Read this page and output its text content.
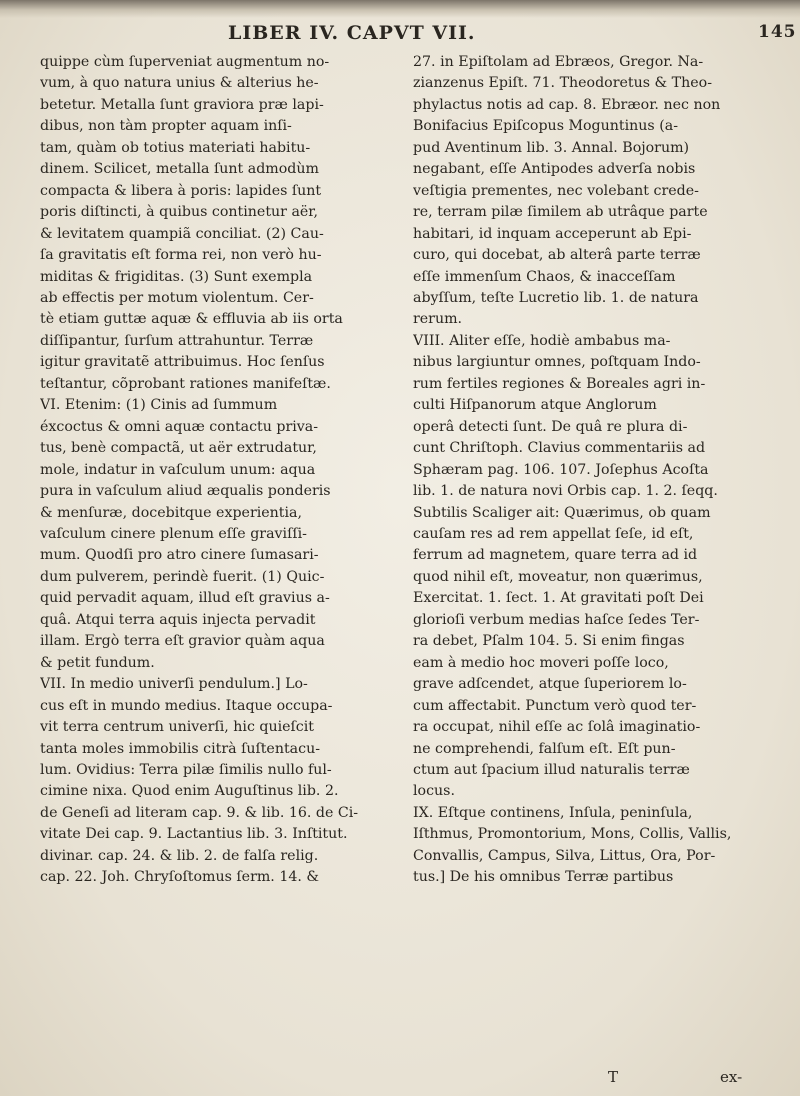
LIBER IV. CAPVT VII.	145
quippe cùm ſuperveniat augmentum no-
vum, à quo natura unius & alterius he-
betetur. Metalla ſunt graviora præ lapi-
dibus, non tàm propter aquam inſi-
tam, quàm ob totius materiati habitu-
dinem. Scilicet, metalla ſunt admodùm
compacta & libera à poris: lapides ſunt
poris diſtincti, à quibus continetur aër,
& levitatem quampiã conciliat. (2) Cau-
ſa gravitatis eſt forma rei, non verò hu-
miditas & frigiditas. (3) Sunt exempla
ab effectis per motum violentum. Cer-
tè etiam guttæ aquæ & effluvia ab iis orta
diſſipantur, ſurſum attrahuntur. Terræ
igitur gravitatẽ attribuimus. Hoc ſenſus
teſtantur, cõprobant rationes manifeſtæ.
VI. Etenim: (1) Cinis ad ſummum
éxcoctus & omni aquæ contactu priva-
tus, benè compactã, ut aër extrudatur,
mole, indatur in vaſculum unum: aqua
pura in vaſculum aliud æqualis ponderis
& menſuræ, docebitque experientia,
vaſculum cinere plenum eſſe graviſſi-
mum. Quodſi pro atro cinere ſumasari-
dum pulverem, perindè fuerit. (1) Quic-
quid pervadit aquam, illud eſt gravius a-
quâ. Atqui terra aquis injecta pervadit
illam. Ergò terra eſt gravior quàm aqua
& petit fundum.
VII. In medio univerſi pendulum.] Lo-
cus eſt in mundo medius. Itaque occupa-
vit terra centrum univerſi, hic quieſcit
tanta moles immobilis citrà ſuſtentacu-
lum. Ovidius: Terra pilæ ſimilis nullo ful-
cimine nixa. Quod enim Auguſtinus lib. 2.
de Geneſi ad literam cap. 9. & lib. 16. de Ci-
vitate Dei cap. 9. Lactantius lib. 3. Inſtitut.
divinar. cap. 24. & lib. 2. de falſa relig.
cap. 22. Joh. Chryſoſtomus ſerm. 14. &
27. in Epiſtolam ad Ebræos, Gregor. Na-
zianzenus Epiſt. 71. Theodoretus & Theo-
phylactus notis ad cap. 8. Ebræor. nec non
Bonifacius Epiſcopus Moguntinus (a-
pud Aventinum lib. 3. Annal. Bojorum)
negabant, eſſe Antipodes adverſa nobis
veſtigia prementes, nec volebant crede-
re, terram pilæ ſimilem ab utrâque parte
habitari, id inquam acceperunt ab Epi-
curo, qui docebat, ab alterâ parte terræ
eſſe immenſum Chaos, & inacceſſam
abyſſum, teſte Lucretio lib. 1. de natura
rerum.
VIII. Aliter eſſe, hodiè ambabus ma-
nibus largiuntur omnes, poſtquam Indo-
rum fertiles regiones & Boreales agri in-
culti Hiſpanorum atque Anglorum
operâ detecti ſunt. De quâ re plura di-
cunt Chriſtoph. Clavius commentariis ad
Sphæram pag. 106. 107. Joſephus Acoſta
lib. 1. de natura novi Orbis cap. 1. 2. ſeqq.
Subtilis Scaliger ait: Quærimus, ob quam
cauſam res ad rem appellat ſeſe, id eſt,
ferrum ad magnetem, quare terra ad id
quod nihil eſt, moveatur, non quærimus,
Exercitat. 1. ſect. 1. At gravitati poſt Dei
glorioſi verbum medias haſce ſedes Ter-
ra debet, Pſalm 104. 5. Si enim fingas
eam à medio hoc moveri poſſe loco,
grave adſcendet, atque ſuperiorem lo-
cum affectabit. Punctum verò quod ter-
ra occupat, nihil eſſe ac ſolâ imaginatio-
ne comprehendi, falſum eſt. Eſt pun-
ctum aut ſpacium illud naturalis terræ
locus.
IX. Eſtque continens, Inſula, peninſula,
Iſthmus, Promontorium, Mons, Collis, Vallis,
Convallis, Campus, Silva, Littus, Ora, Por-
tus.] De his omnibus Terræ partibus
T	ex-
